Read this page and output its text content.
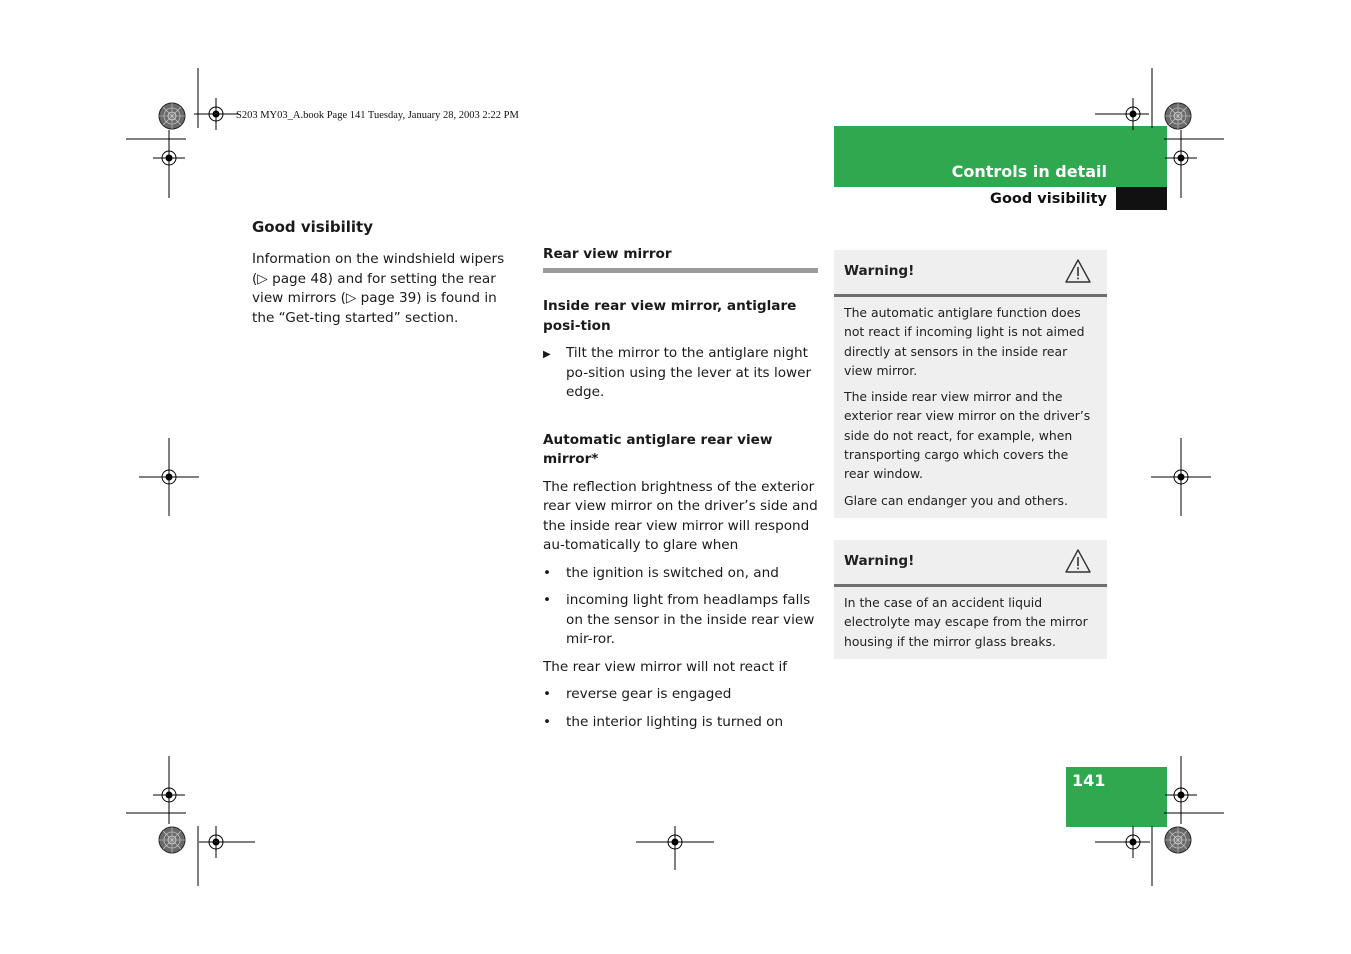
S203 MY03_A.book Page 141 Tuesday, January 28, 2003 2:22 PM
Controls in detail
Good visibility
Good visibility

Information on the windshield wipers (▷ page 48) and for setting the rear view mirrors (▷ page 39) is found in the “Get-ting started” section.

Rear view mirror
Inside rear view mirror, antiglare posi-tion
▶ Tilt the mirror to the antiglare night po-sition using the lever at its lower edge.
Automatic antiglare rear view mirror*

The reflection brightness of the exterior rear view mirror on the driver’s side and the inside rear view mirror will respond au-tomatically to glare when

• the ignition is switched on, and
• incoming light from headlamps falls on the sensor in the inside rear view mir-ror.

The rear view mirror will not react if

• reverse gear is engaged
• the interior lighting is turned on
Warning!

The automatic antiglare function does not react if incoming light is not aimed directly at sensors in the inside rear view mirror.

The inside rear view mirror and the exterior rear view mirror on the driver’s side do not react, for example, when transporting cargo which covers the rear window.

Glare can endanger you and others.

Warning!

In the case of an accident liquid electrolyte may escape from the mirror housing if the mirror glass breaks.

141
